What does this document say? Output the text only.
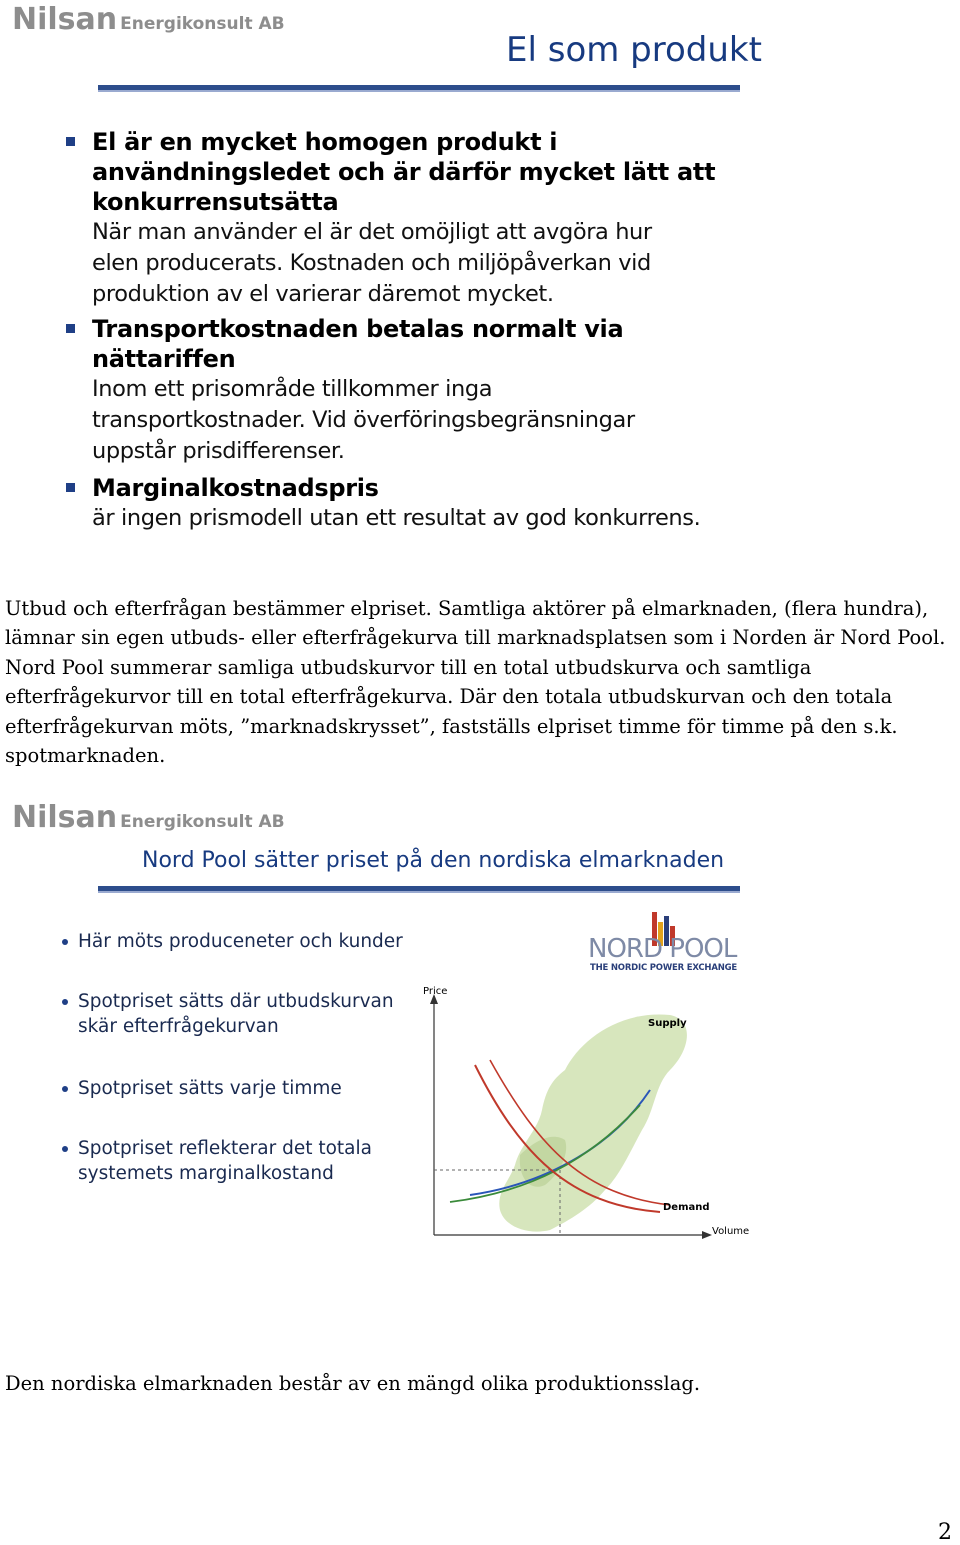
Nilsan Energikonsult AB
El som produkt
El är en mycket homogen produkt i
användningsledet och är därför mycket lätt att
konkurrensutsätta
När man använder el är det omöjligt att avgöra hur
elen producerats. Kostnaden och miljöpåverkan vid
produktion av el varierar däremot mycket.
Transportkostnaden betalas normalt via
nättariffen
Inom ett prisområde tillkommer inga
transportkostnader. Vid överföringsbegränsningar
uppstår prisdifferenser.
Marginalkostnadspris
är ingen prismodell utan ett resultat av god konkurrens.
Utbud och efterfrågan bestämmer elpriset. Samtliga aktörer på elmarknaden, (flera hundra),
lämnar sin egen utbuds- eller efterfrågekurva till marknadsplatsen som i Norden är Nord Pool.
Nord Pool summerar samliga utbudskurvor till en total utbudskurva och samtliga
efterfrågekurvor till en total efterfrågekurva. Där den totala utbudskurvan och den totala
efterfrågekurvan möts, ”marknadskrysset”, fastställs elpriset timme för timme på den s.k.
spotmarknaden.
Nilsan Energikonsult AB
Nord Pool sätter priset på den nordiska elmarknaden
Här möts produceneter och kunder
Spotpriset sätts där utbudskurvan
skär efterfrågekurvan
Spotpriset sätts varje timme
Spotpriset reflekterar det totala
systemets marginalkostand
NORD POOL
THE NORDIC POWER EXCHANGE
Price
Supply
Demand
Volume
Den nordiska elmarknaden består av en mängd olika produktionsslag.
2
